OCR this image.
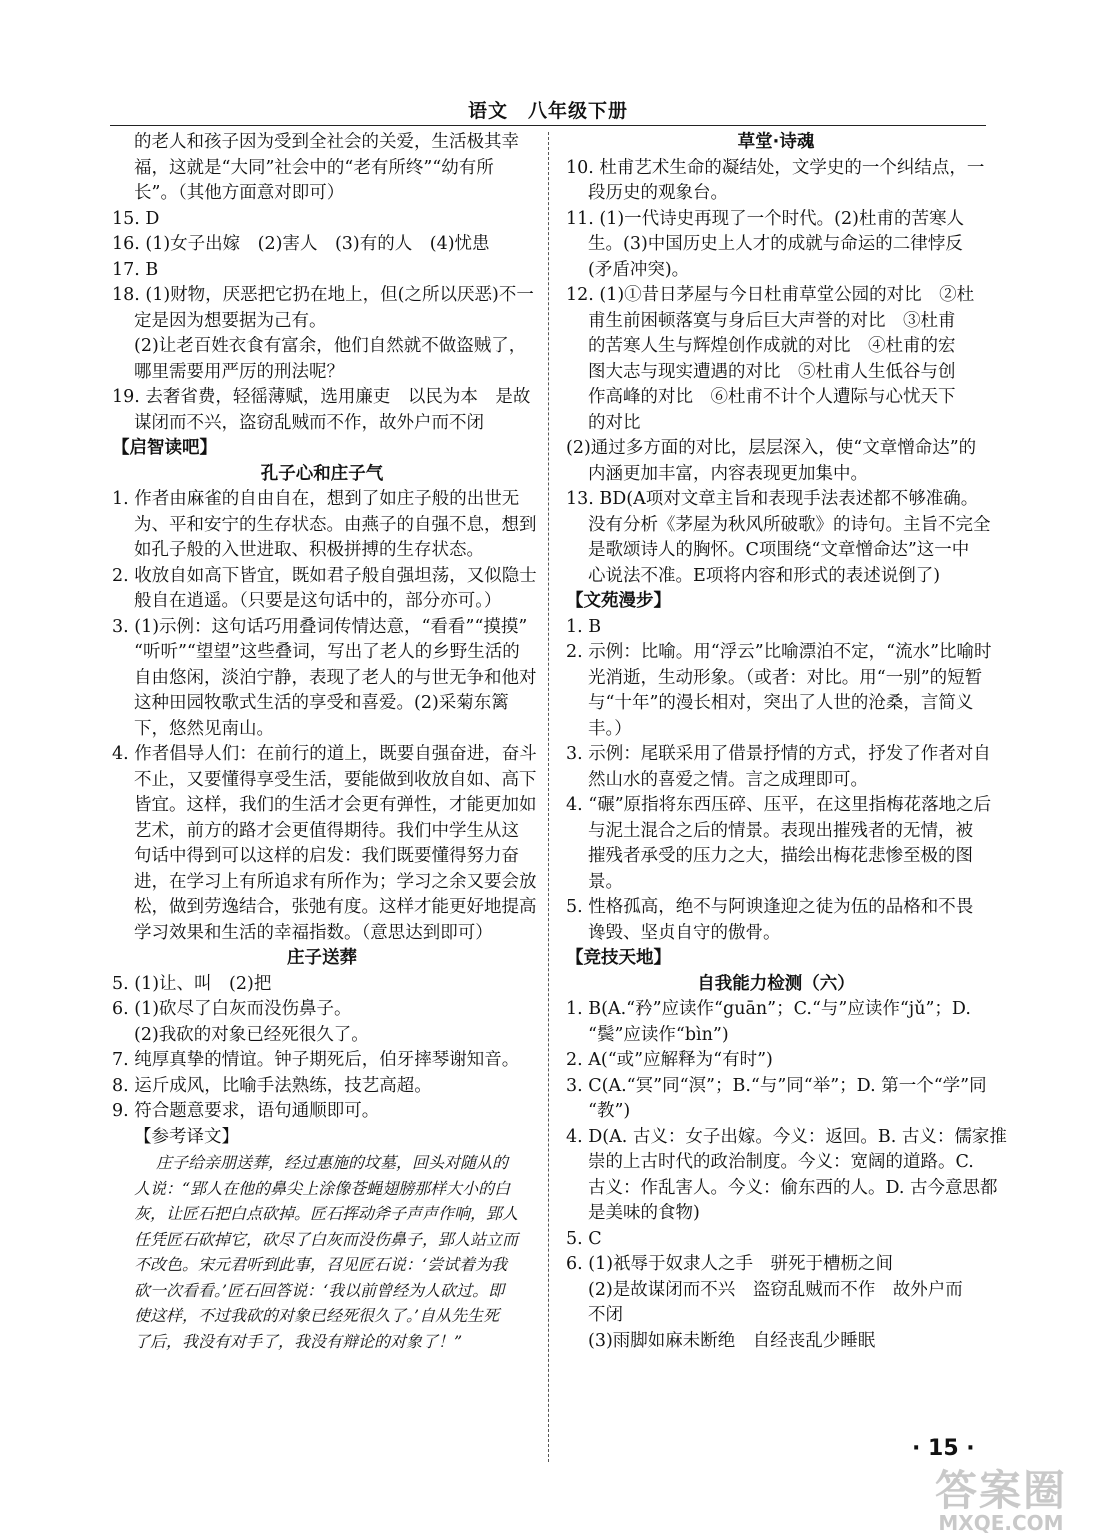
语文　八年级下册
的老人和孩子因为受到全社会的关爱，生活极其幸
福，这就是“大同”社会中的“老有所终”“幼有所
长”。（其他方面意对即可）
15. D
16. (1)女子出嫁　(2)害人　(3)有的人　(4)忧患
17. B
18. (1)财物，厌恶把它扔在地上，但(之所以厌恶)不一
定是因为想要据为己有。
(2)让老百姓衣食有富余，他们自然就不做盗贼了，
哪里需要用严厉的刑法呢？
19. 去奢省费，轻徭薄赋，选用廉吏　以民为本　是故
谋闭而不兴，盗窃乱贼而不作，故外户而不闭
【启智读吧】
孔子心和庄子气
1. 作者由麻雀的自由自在，想到了如庄子般的出世无
为、平和安宁的生存状态。由燕子的自强不息，想到
如孔子般的入世进取、积极拼搏的生存状态。
2. 收放自如高下皆宜，既如君子般自强坦荡，又似隐士
般自在逍遥。（只要是这句话中的，部分亦可。）
3. (1)示例：这句话巧用叠词传情达意，“看看”“摸摸”
“听听”“望望”这些叠词，写出了老人的乡野生活的
自由悠闲，淡泊宁静，表现了老人的与世无争和他对
这种田园牧歌式生活的享受和喜爱。(2)采菊东篱
下，悠然见南山。
4. 作者倡导人们：在前行的道上，既要自强奋进，奋斗
不止，又要懂得享受生活，要能做到收放自如、高下
皆宜。这样，我们的生活才会更有弹性，才能更加如
艺术，前方的路才会更值得期待。我们中学生从这
句话中得到可以这样的启发：我们既要懂得努力奋
进，在学习上有所追求有所作为；学习之余又要会放
松，做到劳逸结合，张弛有度。这样才能更好地提高
学习效果和生活的幸福指数。（意思达到即可）
庄子送葬
5. (1)让、叫　(2)把
6. (1)砍尽了白灰而没伤鼻子。
(2)我砍的对象已经死很久了。
7. 纯厚真挚的情谊。钟子期死后，伯牙摔琴谢知音。
8. 运斤成风，比喻手法熟练，技艺高超。
9. 符合题意要求，语句通顺即可。
【参考译文】
庄子给亲朋送葬，经过惠施的坟墓，回头对随从的
人说：“郢人在他的鼻尖上涂像苍蝇翅膀那样大小的白
灰，让匠石把白点砍掉。匠石挥动斧子声声作响，郢人
任凭匠石砍掉它，砍尽了白灰而没伤鼻子，郢人站立而
不改色。宋元君听到此事，召见匠石说：‘尝试着为我
砍一次看看。’匠石回答说：‘我以前曾经为人砍过。即
使这样，不过我砍的对象已经死很久了。’自从先生死
了后，我没有对手了，我没有辩论的对象了！”
草堂·诗魂
10. 杜甫艺术生命的凝结处，文学史的一个纠结点，一
段历史的观象台。
11. (1)一代诗史再现了一个时代。(2)杜甫的苦寒人
生。(3)中国历史上人才的成就与命运的二律悖反
(矛盾冲突)。
12. (1)①昔日茅屋与今日杜甫草堂公园的对比　②杜
甫生前困顿落寞与身后巨大声誉的对比　③杜甫
的苦寒人生与辉煌创作成就的对比　④杜甫的宏
图大志与现实遭遇的对比　⑤杜甫人生低谷与创
作高峰的对比　⑥杜甫不计个人遭际与心忧天下
的对比
(2)通过多方面的对比，层层深入，使“文章憎命达”的
内涵更加丰富，内容表现更加集中。
13. BD(A项对文章主旨和表现手法表述都不够准确。
没有分析《茅屋为秋风所破歌》的诗句。主旨不完全
是歌颂诗人的胸怀。C项围绕“文章憎命达”这一中
心说法不准。E项将内容和形式的表述说倒了)
【文苑漫步】
1. B
2. 示例：比喻。用“浮云”比喻漂泊不定，“流水”比喻时
光消逝，生动形象。（或者：对比。用“一别”的短暂
与“十年”的漫长相对，突出了人世的沧桑，言简义
丰。）
3. 示例：尾联采用了借景抒情的方式，抒发了作者对自
然山水的喜爱之情。言之成理即可。
4. “碾”原指将东西压碎、压平，在这里指梅花落地之后
与泥土混合之后的情景。表现出摧残者的无情，被
摧残者承受的压力之大，描绘出梅花悲惨至极的图
景。
5. 性格孤高，绝不与阿谀逢迎之徒为伍的品格和不畏
谗毁、坚贞自守的傲骨。
【竞技天地】
自我能力检测（六）
1. B(A.“矜”应读作“guān”；C.“与”应读作“jǔ”；D.
“鬓”应读作“bìn”)
2. A(“或”应解释为“有时”)
3. C(A.“冥”同“溟”；B.“与”同“举”；D. 第一个“学”同
“教”)
4. D(A. 古义：女子出嫁。今义：返回。B. 古义：儒家推
崇的上古时代的政治制度。今义：宽阔的道路。C.
古义：作乱害人。今义：偷东西的人。D. 古今意思都
是美味的食物)
5. C
6. (1)祇辱于奴隶人之手　骈死于槽枥之间
(2)是故谋闭而不兴　盗窃乱贼而不作　故外户而
不闭
(3)雨脚如麻未断绝　自经丧乱少睡眠
· 15 ·
答案圈
MXQE.COM
